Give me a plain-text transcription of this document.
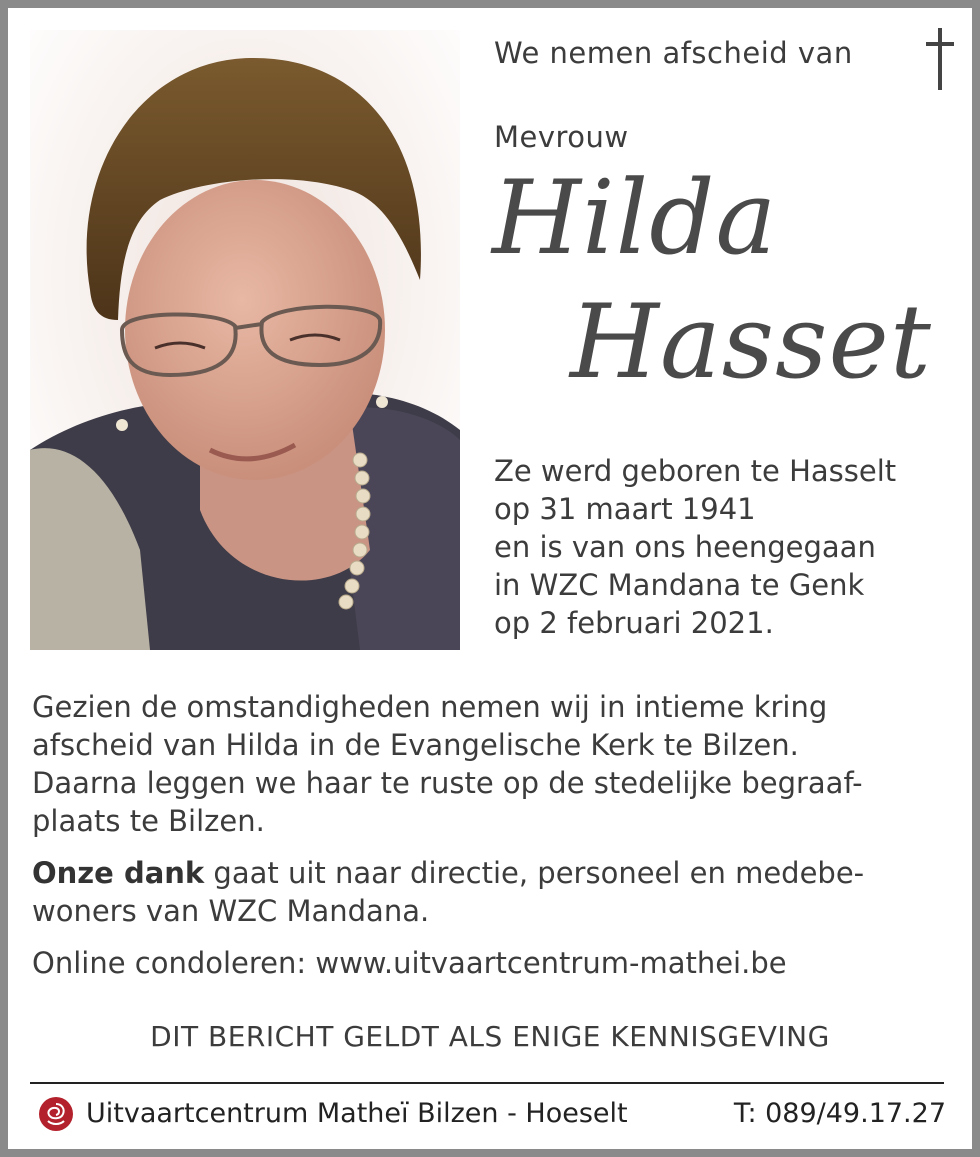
We nemen afscheid van
Mevrouw
Hilda
Hasset
Ze werd geboren te Hasselt
op 31 maart 1941
en is van ons heengegaan
in WZC Mandana te Genk
op 2 februari 2021.
Gezien de omstandigheden nemen wij in intieme kring
afscheid van Hilda in de Evangelische Kerk te Bilzen.
Daarna leggen we haar te ruste op de stedelijke begraaf-
plaats te Bilzen.
Onze dank gaat uit naar directie, personeel en medebe-
woners van WZC Mandana.
Online condoleren: www.uitvaartcentrum-mathei.be
DIT BERICHT GELDT ALS ENIGE KENNISGEVING
Uitvaartcentrum Matheï Bilzen - Hoeselt	T: 089/49.17.27
